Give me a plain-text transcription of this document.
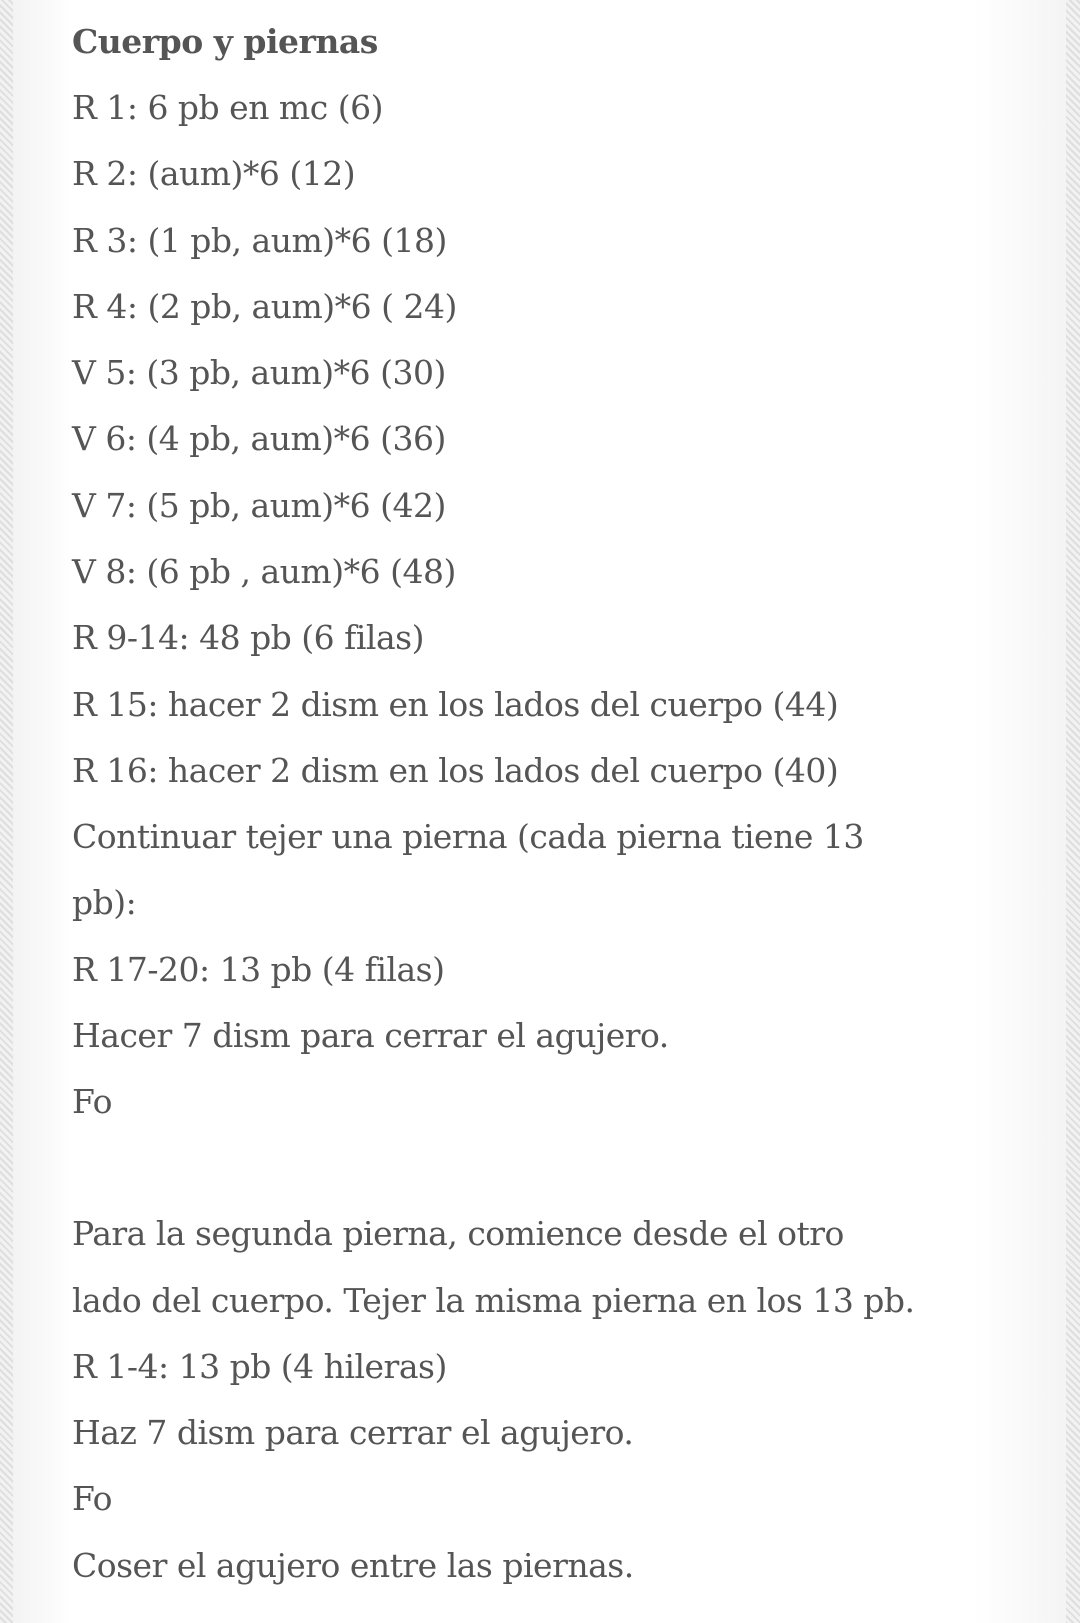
Cuerpo y piernas
R 1: 6 pb en mc (6)
R 2: (aum)*6 (12)
R 3: (1 pb, aum)*6 (18)
R 4: (2 pb, aum)*6 ( 24)
V 5: (3 pb, aum)*6 (30)
V 6: (4 pb, aum)*6 (36)
V 7: (5 pb, aum)*6 (42)
V 8: (6 pb , aum)*6 (48)
R 9-14: 48 pb (6 filas)
R 15: hacer 2 dism en los lados del cuerpo (44)
R 16: hacer 2 dism en los lados del cuerpo (40)
Continuar tejer una pierna (cada pierna tiene 13
pb):
R 17-20: 13 pb (4 filas)
Hacer 7 dism para cerrar el agujero.
Fo
Para la segunda pierna, comience desde el otro
lado del cuerpo. Tejer la misma pierna en los 13 pb.
R 1-4: 13 pb (4 hileras)
Haz 7 dism para cerrar el agujero.
Fo
Coser el agujero entre las piernas.
